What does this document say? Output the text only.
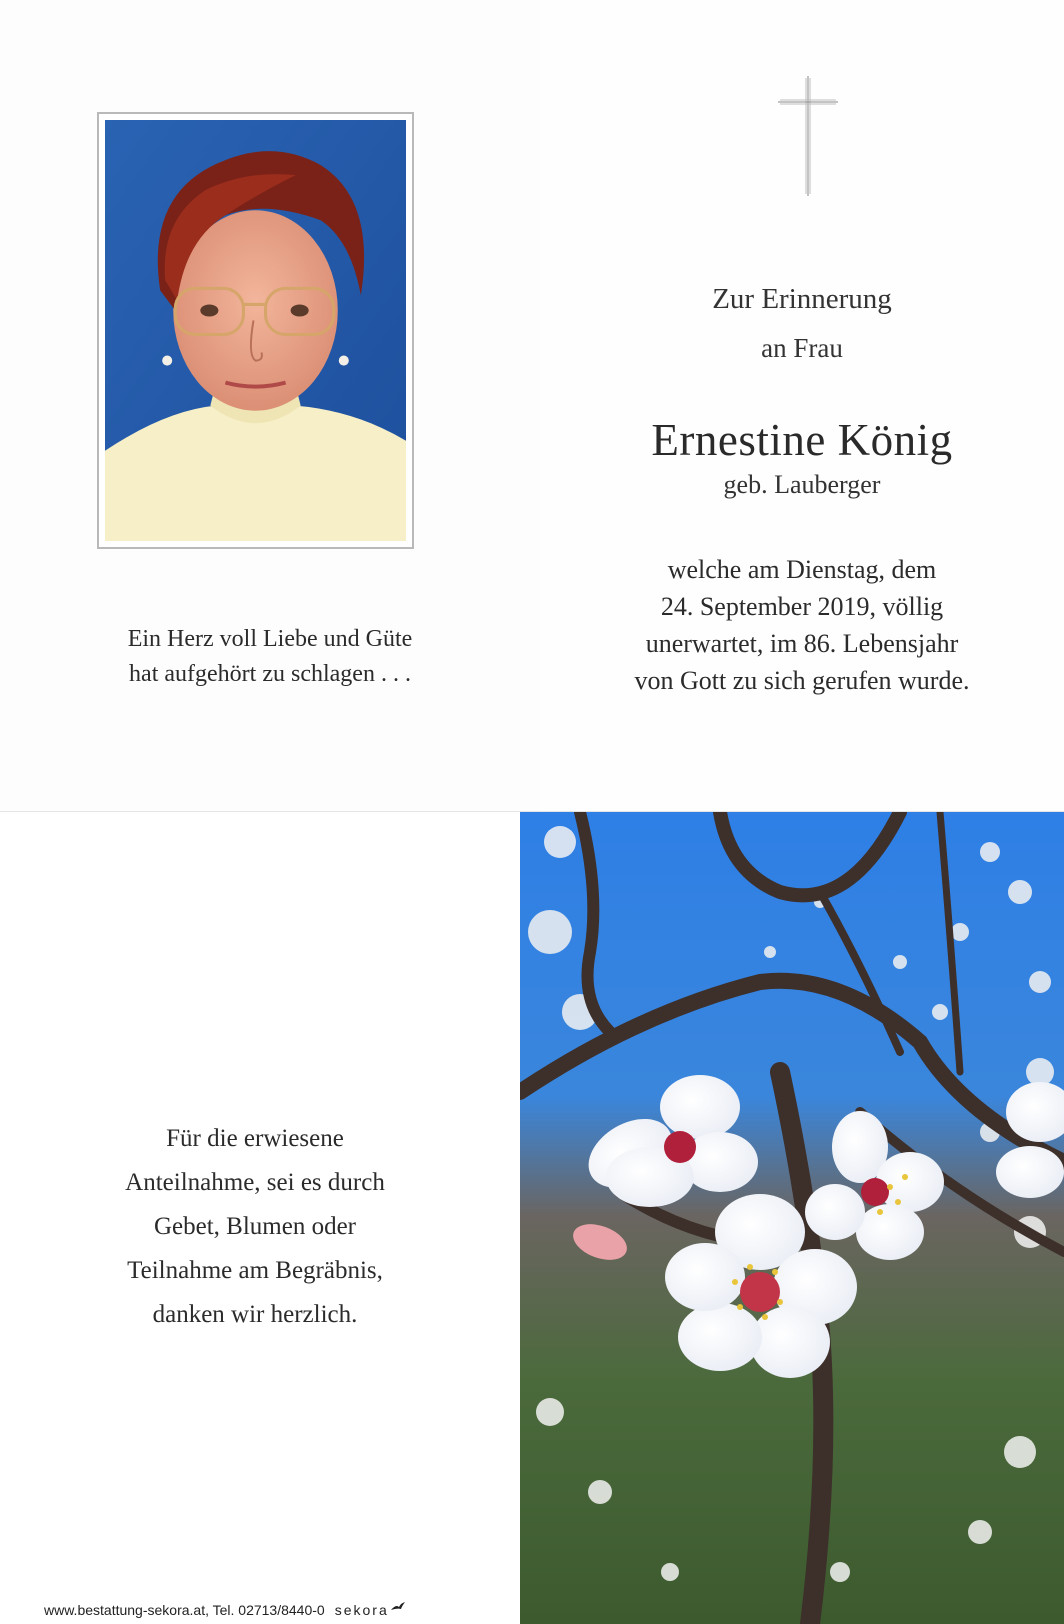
Ein Herz voll Liebe und Güte
hat aufgehört zu schlagen . . .
Zur Erinnerung
an Frau
Ernestine König
geb. Lauberger
welche am Dienstag, dem
24. September 2019, völlig
unerwartet, im 86. Lebensjahr
von Gott zu sich gerufen wurde.
Für die erwiesene
Anteilnahme, sei es durch
Gebet, Blumen oder
Teilnahme am Begräbnis,
danken wir herzlich.
www.bestattung-sekora.at, Tel. 02713/8440-0 sekora
